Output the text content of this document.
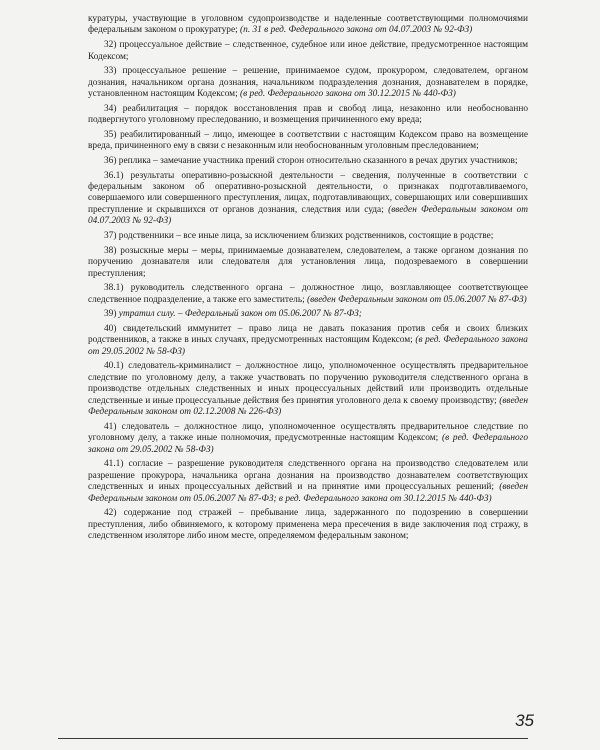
куратуры, участвующие в уголовном судопроизводстве и наделенные соответствующими полномочиями федеральным законом о прокуратуре; (п. 31 в ред. Федерального закона от 04.07.2003 № 92-ФЗ)

32) процессуальное действие – следственное, судебное или иное действие, предусмотренное настоящим Кодексом;

33) процессуальное решение – решение, принимаемое судом, прокурором, следователем, органом дознания, начальником органа дознания, начальником подразделения дознания, дознавателем в порядке, установленном настоящим Кодексом; (в ред. Федерального закона от 30.12.2015 № 440-ФЗ)

34) реабилитация – порядок восстановления прав и свобод лица, незаконно или необоснованно подвергнутого уголовному преследованию, и возмещения причиненного ему вреда;

35) реабилитированный – лицо, имеющее в соответствии с настоящим Кодексом право на возмещение вреда, причиненного ему в связи с незаконным или необоснованным уголовным преследованием;

36) реплика – замечание участника прений сторон относительно сказанного в речах других участников;

36.1) результаты оперативно-розыскной деятельности – сведения, полученные в соответствии с федеральным законом об оперативно-розыскной деятельности, о признаках подготавливаемого, совершаемого или совершенного преступления, лицах, подготавливающих, совершающих или совершивших преступление и скрывшихся от органов дознания, следствия или суда; (введен Федеральным законом от 04.07.2003 № 92-ФЗ)

37) родственники – все иные лица, за исключением близких родственников, состоящие в родстве;

38) розыскные меры – меры, принимаемые дознавателем, следователем, а также органом дознания по поручению дознавателя или следователя для установления лица, подозреваемого в совершении преступления;

38.1) руководитель следственного органа – должностное лицо, возглавляющее соответствующее следственное подразделение, а также его заместитель; (введен Федеральным законом от 05.06.2007 № 87-ФЗ)

39) утратил силу. – Федеральный закон от 05.06.2007 № 87-ФЗ;

40) свидетельский иммунитет – право лица не давать показания против себя и своих близких родственников, а также в иных случаях, предусмотренных настоящим Кодексом; (в ред. Федерального закона от 29.05.2002 № 58-ФЗ)

40.1) следователь-криминалист – должностное лицо, уполномоченное осуществлять предварительное следствие по уголовному делу, а также участвовать по поручению руководителя следственного органа в производстве отдельных следственных и иных процессуальных действий или производить отдельные следственные и иные процессуальные действия без принятия уголовного дела к своему производству; (введен Федеральным законом от 02.12.2008 № 226-ФЗ)

41) следователь – должностное лицо, уполномоченное осуществлять предварительное следствие по уголовному делу, а также иные полномочия, предусмотренные настоящим Кодексом; (в ред. Федерального закона от 29.05.2002 № 58-ФЗ)

41.1) согласие – разрешение руководителя следственного органа на производство следователем или разрешение прокурора, начальника органа дознания на производство дознавателем соответствующих следственных и иных процессуальных действий и на принятие ими процессуальных решений; (введен Федеральным законом от 05.06.2007 № 87-ФЗ; в ред. Федерального закона от 30.12.2015 № 440-ФЗ)

42) содержание под стражей – пребывание лица, задержанного по подозрению в совершении преступления, либо обвиняемого, к которому применена мера пресечения в виде заключения под стражу, в следственном изоляторе либо ином месте, определяемом федеральным законом;

35
